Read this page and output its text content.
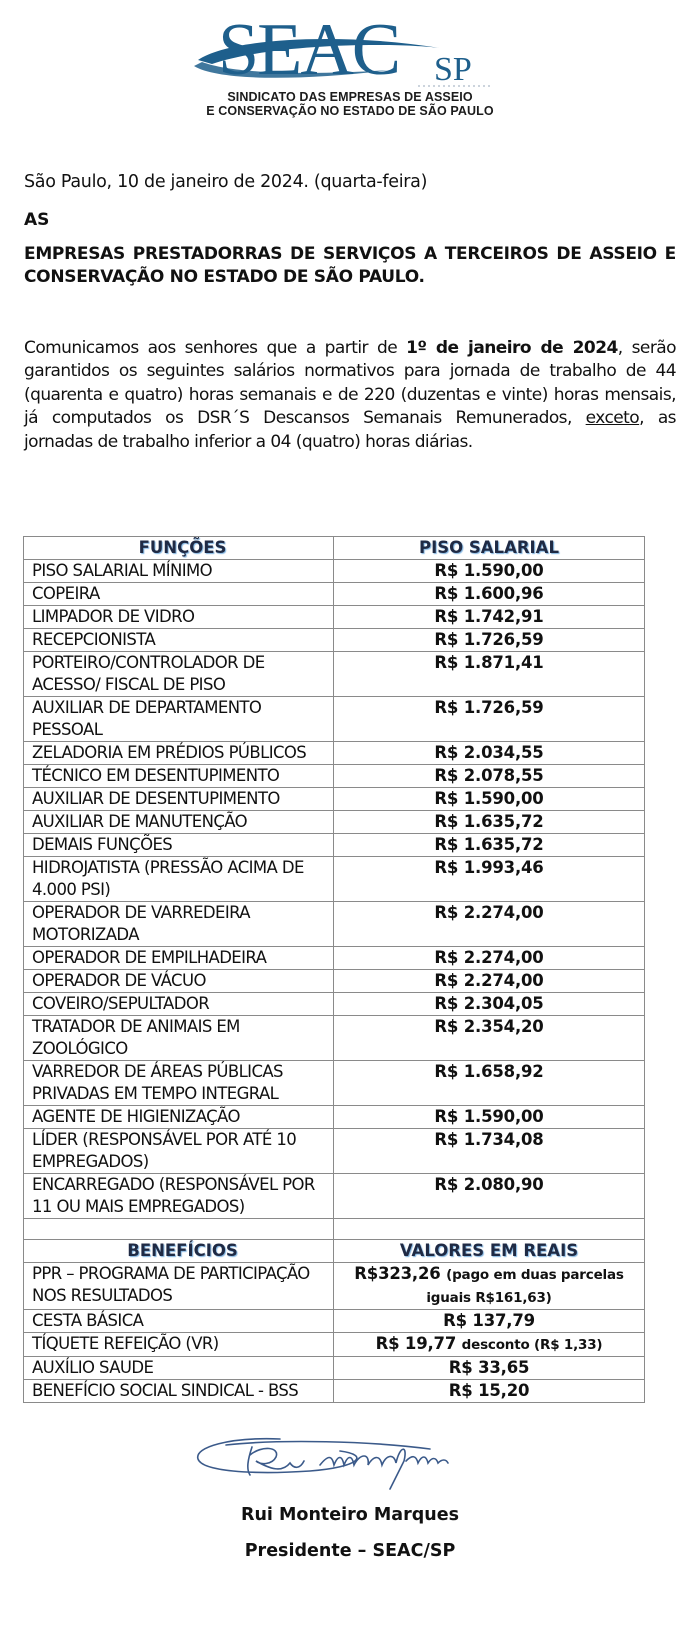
SEAC SP
SINDICATO DAS EMPRESAS DE ASSEIO
E CONSERVAÇÃO NO ESTADO DE SÃO PAULO
São Paulo, 10 de janeiro de 2024. (quarta-feira)
AS
EMPRESAS PRESTADORRAS DE SERVIÇOS A TERCEIROS DE ASSEIO E CONSERVAÇÃO NO ESTADO DE SÃO PAULO.
Comunicamos aos senhores que a partir de 1º de janeiro de 2024, serão garantidos os seguintes salários normativos para jornada de trabalho de 44 (quarenta e quatro) horas semanais e de 220 (duzentas e vinte) horas mensais, já computados os DSR´S Descansos Semanais Remunerados, exceto, as jornadas de trabalho inferior a 04 (quatro) horas diárias.
FUNÇÕES	PISO SALARIAL
PISO SALARIAL MÍNIMO	R$ 1.590,00
COPEIRA	R$ 1.600,96
LIMPADOR DE VIDRO	R$ 1.742,91
RECEPCIONISTA	R$ 1.726,59
PORTEIRO/CONTROLADOR DE ACESSO/ FISCAL DE PISO	R$ 1.871,41
AUXILIAR DE DEPARTAMENTO PESSOAL	R$ 1.726,59
ZELADORIA EM PRÉDIOS PÚBLICOS	R$ 2.034,55
TÉCNICO EM DESENTUPIMENTO	R$ 2.078,55
AUXILIAR DE DESENTUPIMENTO	R$ 1.590,00
AUXILIAR DE MANUTENÇÃO	R$ 1.635,72
DEMAIS FUNÇÕES	R$ 1.635,72
HIDROJATISTA (PRESSÃO ACIMA DE 4.000 PSI)	R$ 1.993,46
OPERADOR DE VARREDEIRA MOTORIZADA	R$ 2.274,00
OPERADOR DE EMPILHADEIRA	R$ 2.274,00
OPERADOR DE VÁCUO	R$ 2.274,00
COVEIRO/SEPULTADOR	R$ 2.304,05
TRATADOR DE ANIMAIS EM ZOOLÓGICO	R$ 2.354,20
VARREDOR DE ÁREAS PÚBLICAS PRIVADAS EM TEMPO INTEGRAL	R$ 1.658,92
AGENTE DE HIGIENIZAÇÃO	R$ 1.590,00
LÍDER (RESPONSÁVEL POR ATÉ 10 EMPREGADOS)	R$ 1.734,08
ENCARREGADO (RESPONSÁVEL POR 11 OU MAIS EMPREGADOS)	R$ 2.080,90

BENEFÍCIOS	VALORES EM REAIS
PPR – PROGRAMA DE PARTICIPAÇÃO NOS RESULTADOS	R$323,26 (pago em duas parcelas iguais R$161,63)
CESTA BÁSICA	R$ 137,79
TÍQUETE REFEIÇÃO (VR)	R$ 19,77 desconto (R$ 1,33)
AUXÍLIO SAUDE	R$ 33,65
BENEFÍCIO SOCIAL SINDICAL - BSS	R$ 15,20
Rui Monteiro Marques
Presidente – SEAC/SP
